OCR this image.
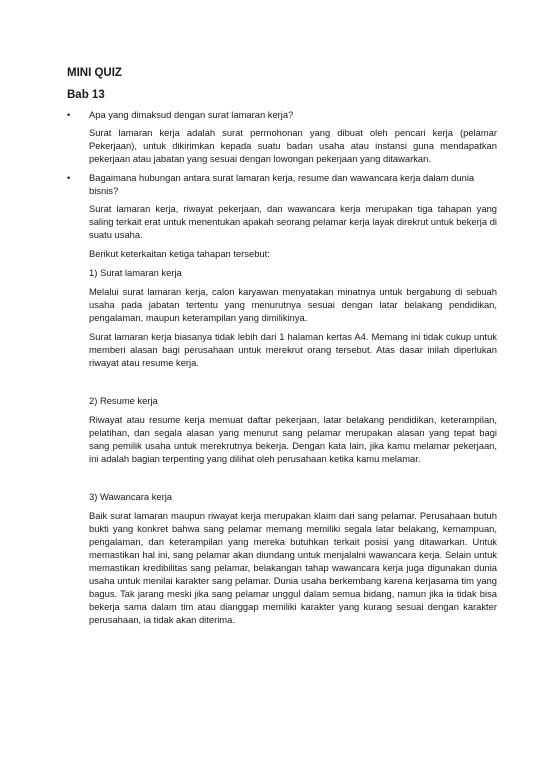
MINI QUIZ
Bab 13
• Apa yang dimaksud dengan surat lamaran kerja?

Surat lamaran kerja adalah surat permohonan yang dibuat oleh pencari kerja (pelamar Pekerjaan), untuk dikirimkan kepada suatu badan usaha atau instansi guna mendapatkan pekerjaan atau jabatan yang sesuai dengan lowongan pekerjaan yang ditawarkan.

• Bagaimana hubungan antara surat lamaran kerja, resume dan wawancara kerja dalam dunia bisnis?

Surat lamaran kerja, riwayat pekerjaan, dan wawancara kerja merupakan tiga tahapan yang saling terkait erat untuk menentukan apakah seorang pelamar kerja layak direkrut untuk bekerja di suatu usaha.

Berikut keterkaitan ketiga tahapan tersebut:

1) Surat lamaran kerja

Melalui surat lamaran kerja, calon karyawan menyatakan minatnya untuk bergabung di sebuah usaha pada jabatan tertentu yang menurutnya sesuai dengan latar belakang pendidikan, pengalaman, maupun keterampilan yang dimilikinya.

Surat lamaran kerja biasanya tidak lebih dari 1 halaman kertas A4. Memang ini tidak cukup untuk memberi alasan bagi perusahaan untuk merekrut orang tersebut. Atas dasar inilah diperlukan riwayat atau resume kerja.

2) Resume kerja

Riwayat atau resume kerja memuat daftar pekerjaan, latar belakang pendidikan, keterampilan, pelatihan, dan segala alasan yang menurut sang pelamar merupakan alasan yang tepat bagi sang pemilik usaha untuk merekrutnya bekerja. Dengan kata lain, jika kamu melamar pekerjaan, ini adalah bagian terpenting yang dilihat oleh perusahaan ketika kamu melamar.

3) Wawancara kerja

Baik surat lamaran maupun riwayat kerja merupakan klaim dari sang pelamar. Perusahaan butuh bukti yang konkret bahwa sang pelamar memang memiliki segala latar belakang, kemampuan, pengalaman, dan keterampilan yang mereka butuhkan terkait posisi yang ditawarkan. Untuk memastikan hal ini, sang pelamar akan diundang untuk menjalalni wawancara kerja. Selain untuk memastikan kredibilitas sang pelamar, belakangan tahap wawancara kerja juga digunakan dunia usaha untuk menilai karakter sang pelamar. Dunia usaha berkembang karena kerjasama tim yang bagus. Tak jarang meski jika sang pelamar unggul dalam semua bidang, namun jika ia tidak bisa bekerja sama dalam tim atau dianggap memiliki karakter yang kurang sesuai dengan karakter perusahaan, ia tidak akan diterima.
